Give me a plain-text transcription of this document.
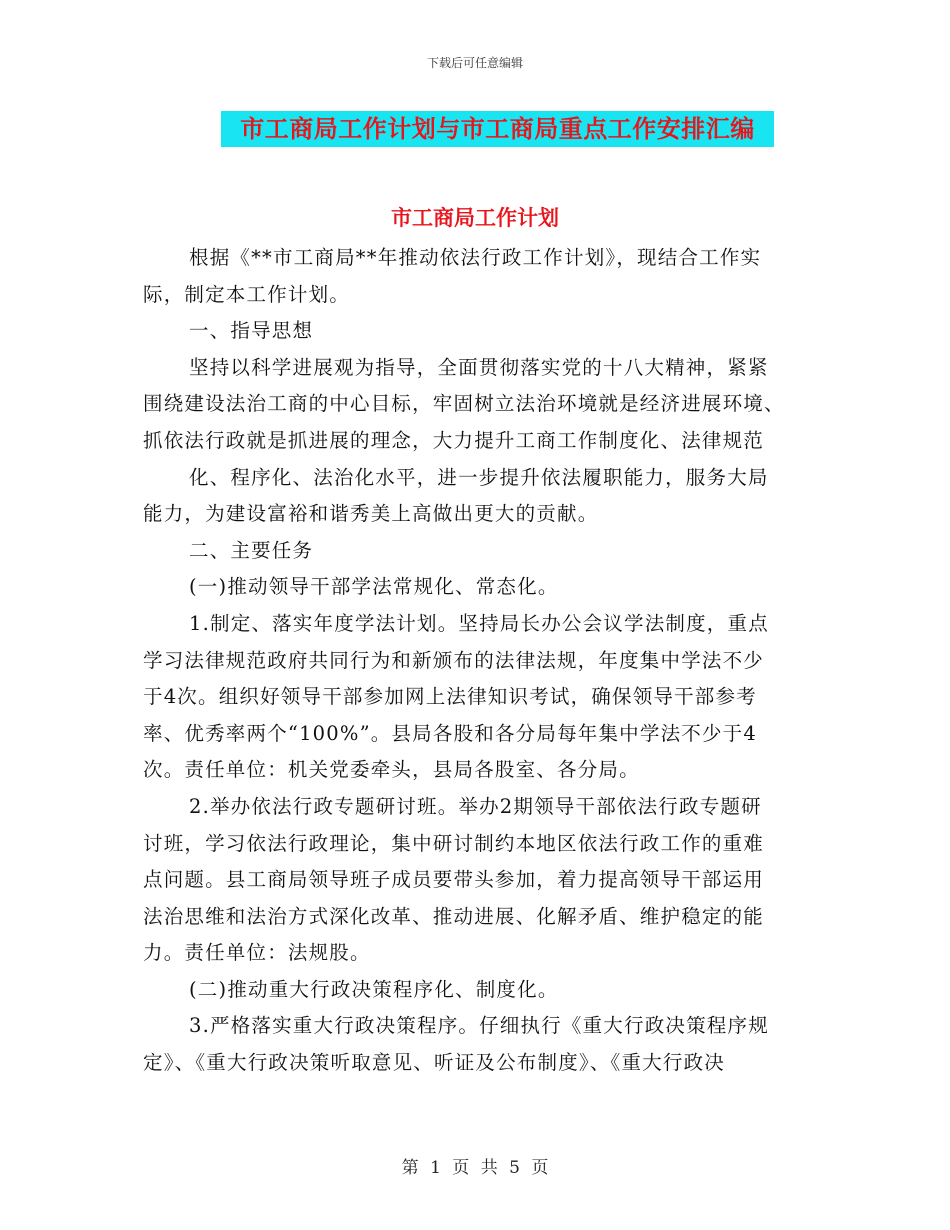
下载后可任意编辑
市工商局工作计划与市工商局重点工作安排汇编
市工商局工作计划
根据《**市工商局**年推动依法行政工作计划》，现结合工作实
际，制定本工作计划。
一、指导思想
坚持以科学进展观为指导，全面贯彻落实党的十八大精神，紧紧
围绕建设法治工商的中心目标，牢固树立法治环境就是经济进展环境、
抓依法行政就是抓进展的理念，大力提升工商工作制度化、法律规范
化、程序化、法治化水平，进一步提升依法履职能力，服务大局
能力，为建设富裕和谐秀美上高做出更大的贡献。
二、主要任务
(一)推动领导干部学法常规化、常态化。
1.制定、落实年度学法计划。坚持局长办公会议学法制度，重点
学习法律规范政府共同行为和新颁布的法律法规，年度集中学法不少
于4次。组织好领导干部参加网上法律知识考试，确保领导干部参考
率、优秀率两个“100%”。县局各股和各分局每年集中学法不少于4
次。责任单位：机关党委牵头，县局各股室、各分局。
2.举办依法行政专题研讨班。举办2期领导干部依法行政专题研
讨班，学习依法行政理论，集中研讨制约本地区依法行政工作的重难
点问题。县工商局领导班子成员要带头参加，着力提高领导干部运用
法治思维和法治方式深化改革、推动进展、化解矛盾、维护稳定的能
力。责任单位：法规股。
(二)推动重大行政决策程序化、制度化。
3.严格落实重大行政决策程序。仔细执行《重大行政决策程序规
定》、《重大行政决策听取意见、听证及公布制度》、《重大行政决
第 1 页 共 5 页
